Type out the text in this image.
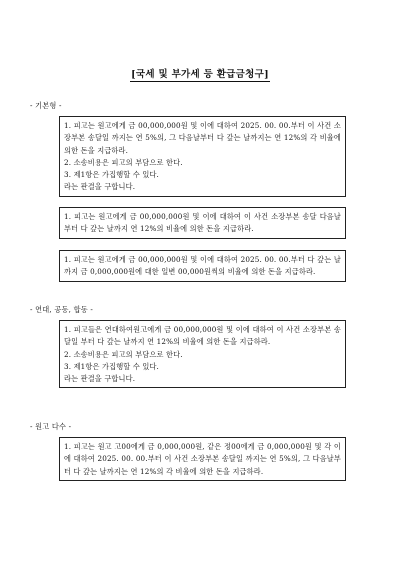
[국세 및 부가세 등 환급금청구]
- 기본형 -

1. 피고는 원고에게 금 00,000,000원 및 이에 대하여 2025. 00. 00.부터 이 사건 소장부본 송달일 까지는 연 5%의, 그 다음날부터 다 갚는 날까지는 연 12%의 각 비율에 의한 돈을 지급하라.

2. 소송비용은 피고의 부담으로 한다.

3. 제1항은 가집행할 수 있다.

라는 판결을 구합니다.

1. 피고는 원고에게 금 00,000,000원 및 이에 대하여 이 사건 소장부본 송달 다음날부터 다 갚는 날까지 연 12%의 비율에 의한 돈을 지급하라.

1. 피고는 원고에게 금 00,000,000원 및 이에 대하여 2025. 00. 00.부터 다 갚는 날까지 금 0,000,000원에 대한 일변 00,000원씩의 비율에 의한 돈을 지급하라.

- 연대, 공동, 합동 -

1. 피고들은 연대하여원고에게 금 00,000,000원 및 이에 대하여 이 사건 소장부본 송달일 부터 다 갚는 날까지 연 12%의 비율에 의한 돈을 지급하라.

2. 소송비용은 피고의 부담으로 한다.

3. 제1항은 가집행할 수 있다.

라는 판결을 구합니다.

- 원고 다수 -

1. 피고는 원고 고00에게 금 0,000,000원, 같은 정00에게 금 0,000,000원 및 각 이에 대하여 2025. 00. 00.부터 이 사건 소장부본 송달일 까지는 연 5%의, 그 다음날부터 다 갚는 날까지는 연 12%의 각 비율에 의한 돈을 지급하라.
